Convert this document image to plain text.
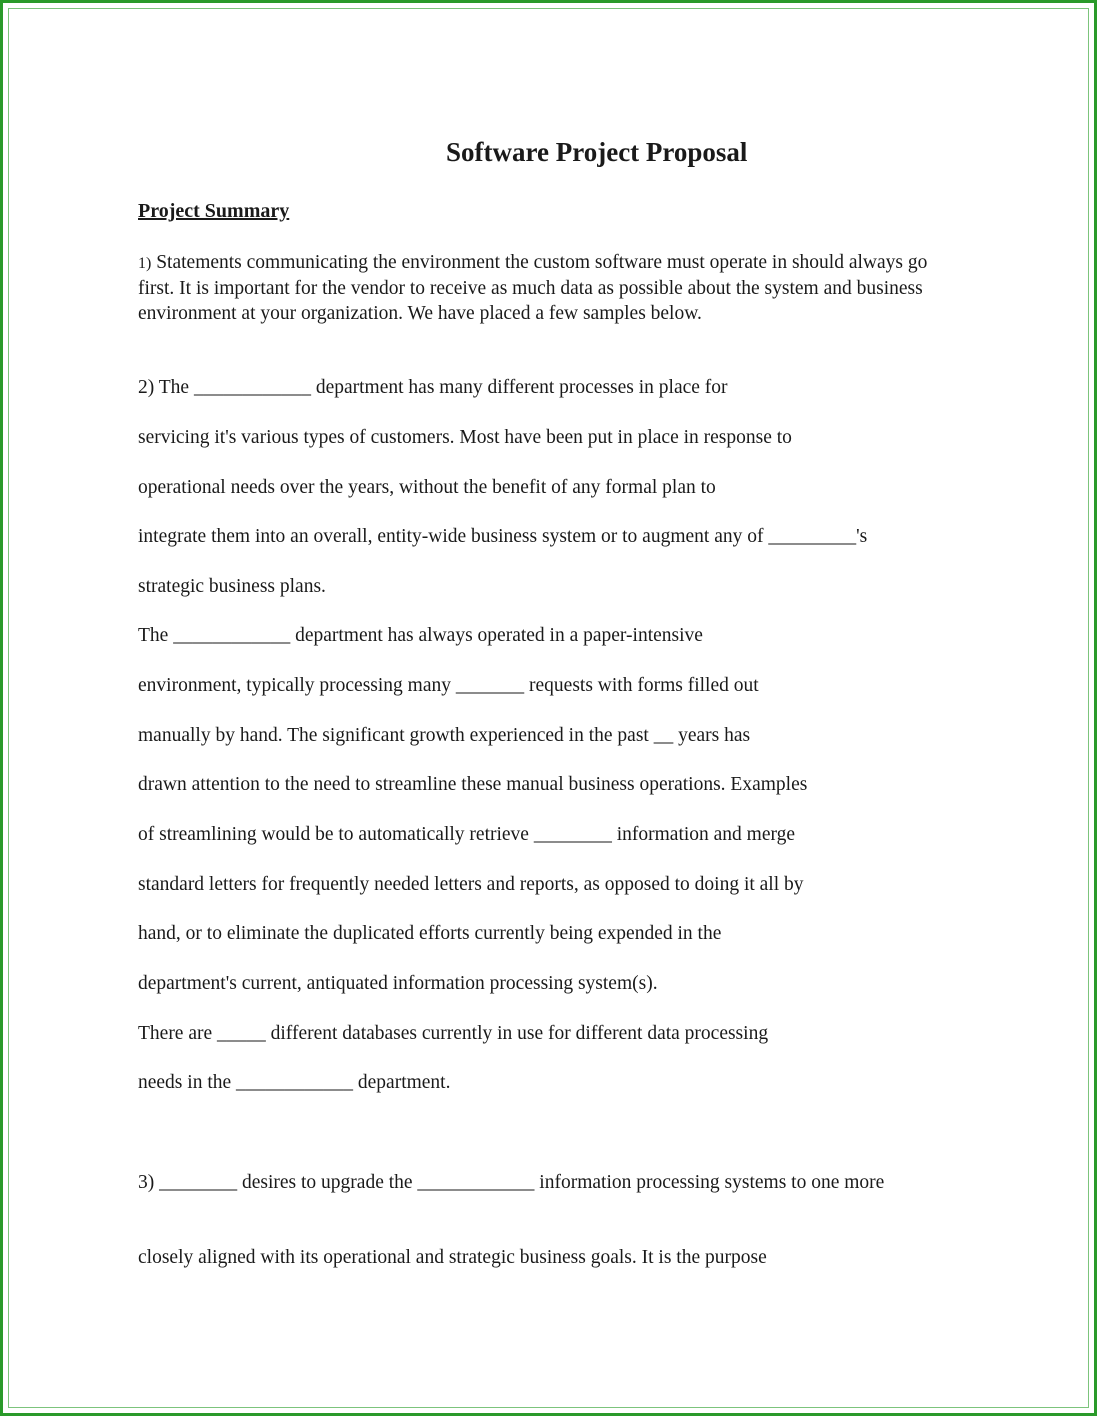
Software Project Proposal
Project Summary

1) Statements communicating the environment the custom software must operate in should always go first. It is important for the vendor to receive as much data as possible about the system and business environment at your organization. We have placed a few samples below.

2) The ____________ department has many different processes in place for

servicing it's various types of customers. Most have been put in place in response to

operational needs over the years, without the benefit of any formal plan to

integrate them into an overall, entity-wide business system or to augment any of _________'s

strategic business plans.

The ____________ department has always operated in a paper-intensive

environment, typically processing many _______ requests with forms filled out

manually by hand. The significant growth experienced in the past __ years has

drawn attention to the need to streamline these manual business operations. Examples

of streamlining would be to automatically retrieve ________ information and merge

standard letters for frequently needed letters and reports, as opposed to doing it all by

hand, or to eliminate the duplicated efforts currently being expended in the

department's current, antiquated information processing system(s).

There are _____ different databases currently in use for different data processing

needs in the ____________ department.

3) ________ desires to upgrade the ____________ information processing systems to one more

closely aligned with its operational and strategic business goals. It is the purpose
